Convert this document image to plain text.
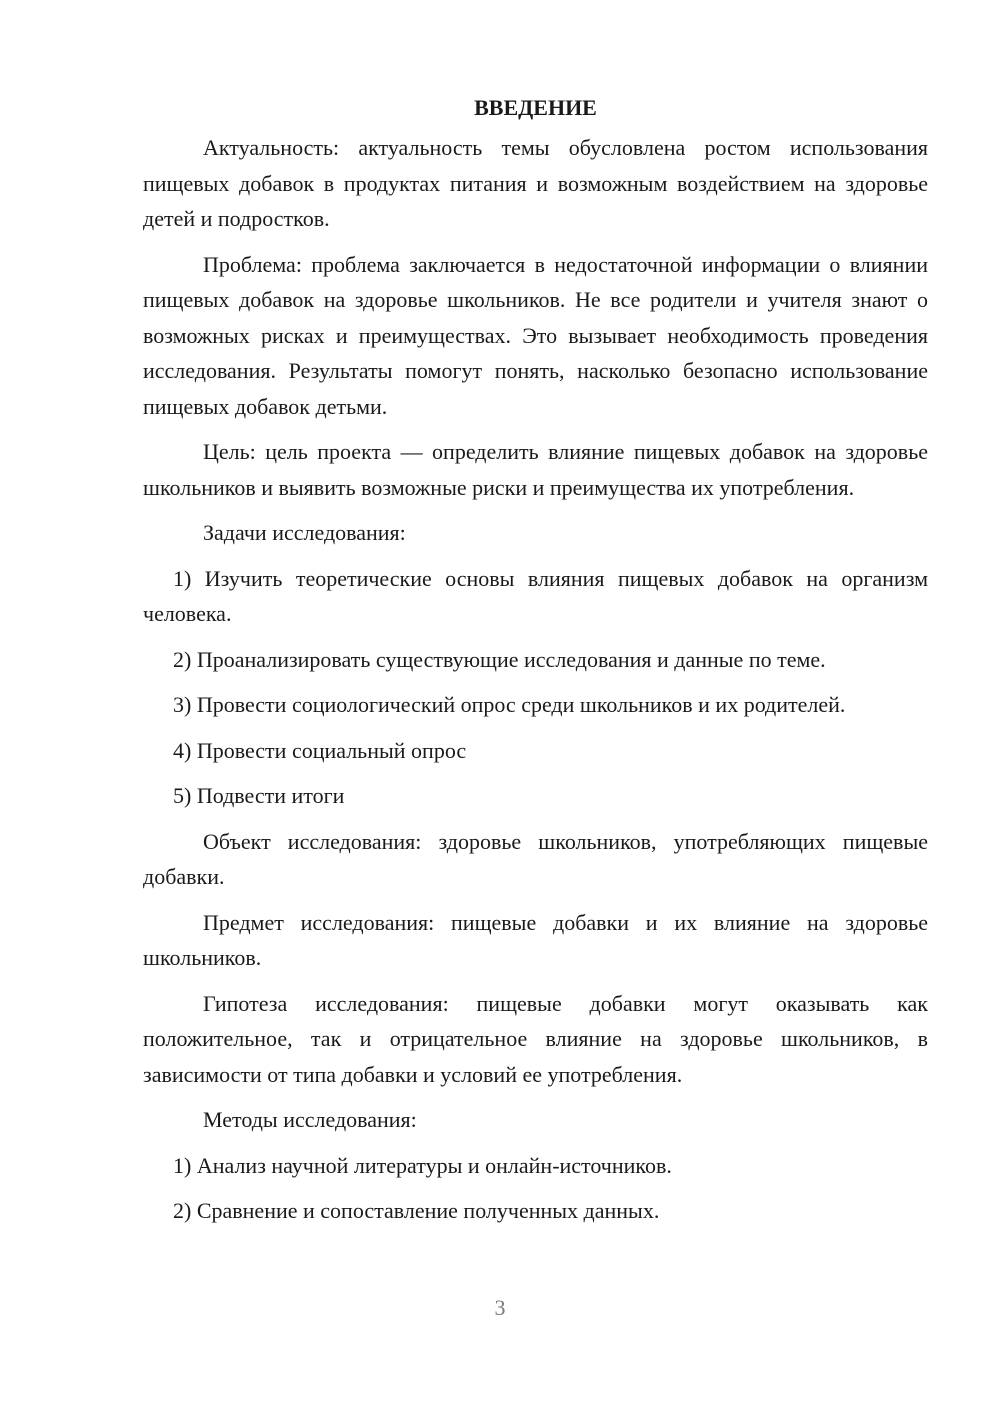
ВВЕДЕНИЕ

Актуальность: актуальность темы обусловлена ростом использования пищевых добавок в продуктах питания и возможным воздействием на здоровье детей и подростков.

Проблема: проблема заключается в недостаточной информации о влиянии пищевых добавок на здоровье школьников. Не все родители и учителя знают о возможных рисках и преимуществах. Это вызывает необходимость проведения исследования. Результаты помогут понять, насколько безопасно использование пищевых добавок детьми.

Цель: цель проекта — определить влияние пищевых добавок на здоровье школьников и выявить возможные риски и преимущества их употребления.

Задачи исследования:

1) Изучить теоретические основы влияния пищевых добавок на организм человека.

2) Проанализировать существующие исследования и данные по теме.

3) Провести социологический опрос среди школьников и их родителей.

4) Провести социальный опрос

5) Подвести итоги

Объект исследования: здоровье школьников, употребляющих пищевые добавки.

Предмет исследования: пищевые добавки и их влияние на здоровье школьников.

Гипотеза исследования: пищевые добавки могут оказывать как положительное, так и отрицательное влияние на здоровье школьников, в зависимости от типа добавки и условий ее употребления.

Методы исследования:

1) Анализ научной литературы и онлайн-источников.

2) Сравнение и сопоставление полученных данных.

3
